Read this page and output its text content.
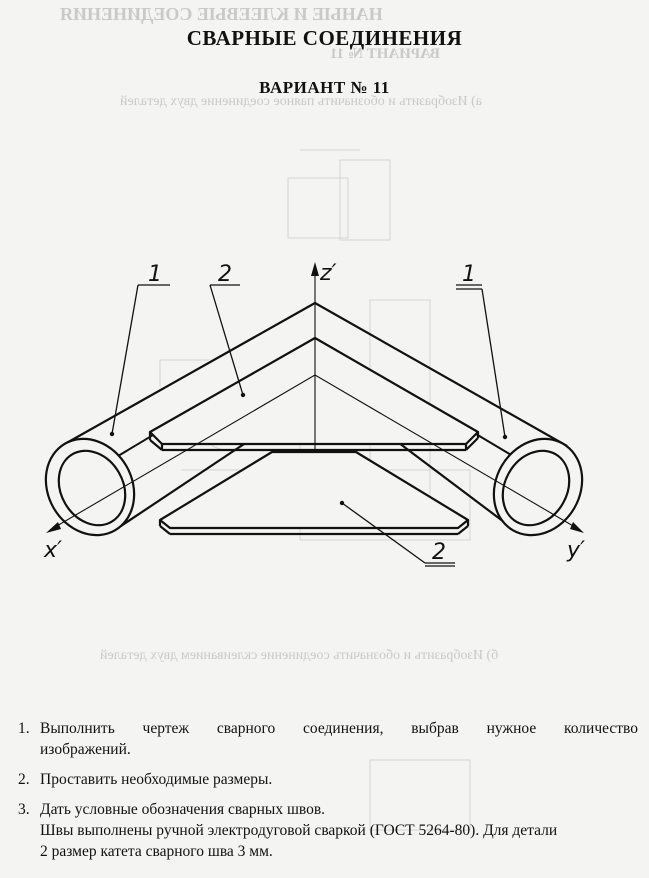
НАНЫЕ И КЛЕЕВЫЕ СОЕДИНЕНИЯ
ВАРИАНТ № 11
а) Изобразить и обозначить паяное соединение двух деталей
б) Изобразить и обозначить соединение склеиванием двух деталей
СВАРНЫЕ СОЕДИНЕНИЯ
ВАРИАНТ № 11
z′
x′	y′
1	2	1
2
1. Выполнить чертеж сварного соединения, выбрав нужное количество
изображений.
2. Проставить необходимые размеры.
3. Дать условные обозначения сварных швов.
Швы выполнены ручной электродуговой сваркой (ГОСТ 5264-80). Для детали
2 размер катета сварного шва 3 мм.
